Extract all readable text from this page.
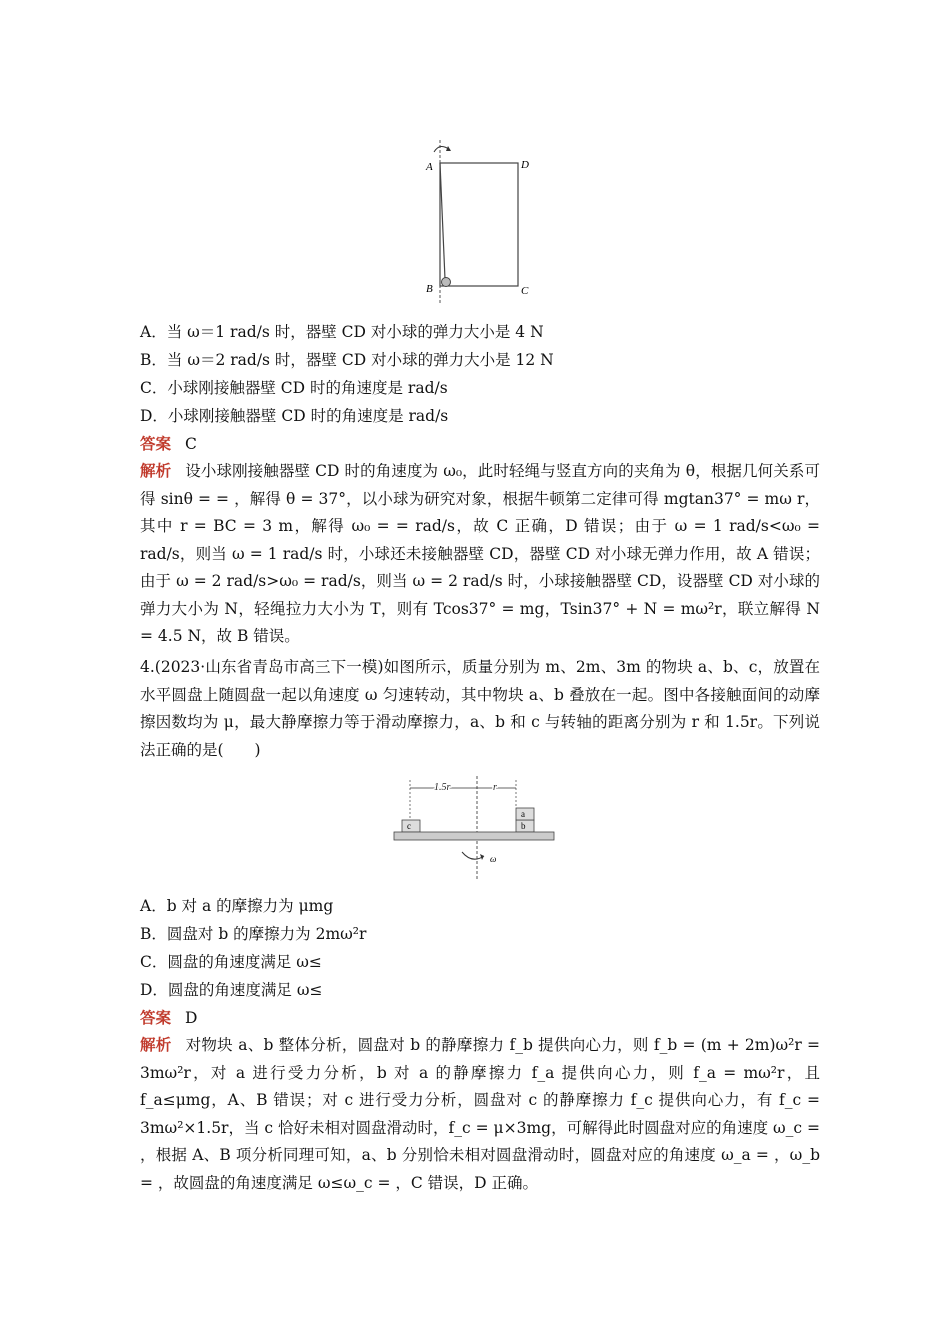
A	D
B	C
A．当 ω＝1 rad/s 时，器壁 CD 对小球的弹力大小是 4 N
B．当 ω＝2 rad/s 时，器壁 CD 对小球的弹力大小是 12 N
C．小球刚接触器壁 CD 时的角速度是 rad/s
D．小球刚接触器壁 CD 时的角速度是 rad/s
答案 C
解析 设小球刚接触器壁 CD 时的角速度为 ω₀，此时轻绳与竖直方向的夹角为 θ，根据几何关系可得 sinθ = = ，解得 θ = 37°，以小球为研究对象，根据牛顿第二定律可得 mgtan37° = mω r，其中 r = BC = 3 m，解得 ω₀ = = rad/s，故 C 正确，D 错误；由于 ω = 1 rad/s<ω₀ = rad/s，则当 ω = 1 rad/s 时，小球还未接触器壁 CD，器壁 CD 对小球无弹力作用，故 A 错误；由于 ω = 2 rad/s>ω₀ = rad/s，则当 ω = 2 rad/s 时，小球接触器壁 CD，设器壁 CD 对小球的弹力大小为 N，轻绳拉力大小为 T，则有 Tcos37° = mg，Tsin37° + N = mω²r，联立解得 N = 4.5 N，故 B 错误。
4.(2023·山东省青岛市高三下一模)如图所示，质量分别为 m、2m、3m 的物块 a、b、c，放置在水平圆盘上随圆盘一起以角速度 ω 匀速转动，其中物块 a、b 叠放在一起。图中各接触面间的动摩擦因数均为 μ，最大静摩擦力等于滑动摩擦力，a、b 和 c 与转轴的距离分别为 r 和 1.5r。下列说法正确的是(　　)
1.5r	r
c	b
a
ω
A．b 对 a 的摩擦力为 μmg
B．圆盘对 b 的摩擦力为 2mω²r
C．圆盘的角速度满足 ω≤
D．圆盘的角速度满足 ω≤
答案 D
解析 对物块 a、b 整体分析，圆盘对 b 的静摩擦力 f_b 提供向心力，则 f_b = (m + 2m)ω²r = 3mω²r，对 a 进行受力分析，b 对 a 的静摩擦力 f_a 提供向心力，则 f_a = mω²r，且 f_a≤μmg，A、B 错误；对 c 进行受力分析，圆盘对 c 的静摩擦力 f_c 提供向心力，有 f_c = 3mω²×1.5r，当 c 恰好未相对圆盘滑动时，f_c = μ×3mg，可解得此时圆盘对应的角速度 ω_c = ，根据 A、B 项分析同理可知，a、b 分别恰未相对圆盘滑动时，圆盘对应的角速度 ω_a = ，ω_b = ，故圆盘的角速度满足 ω≤ω_c = ，C 错误，D 正确。
